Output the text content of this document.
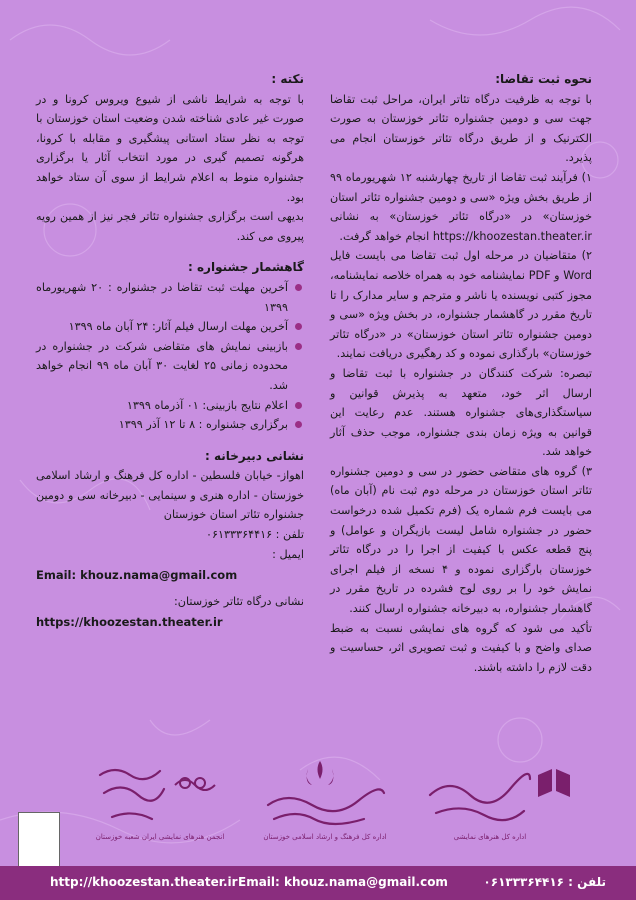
نحوه ثبت تقاضا:

با توجه به ظرفیت درگاه تئاتر ایران، مراحل ثبت تقاضا جهت سی و دومین جشنواره تئاتر خوزستان به صورت الکترنیک و از طریق درگاه تئاتر خوزستان انجام می پذیرد.

۱) فرآیند ثبت تقاضا از تاریخ چهارشنبه ۱۲ شهریورماه ۹۹ از طریق بخش ویژه «سی و دومین جشنواره تئاتر استان خوزستان» در «درگاه تئاتر خوزستان» به نشانی https://khoozestan.theater.ir انجام خواهد گرفت.

۲) متقاضیان در مرحله اول ثبت تقاضا می بایست فایل Word و PDF نمایشنامه خود به همراه خلاصه نمایشنامه، مجوز کتبی نویسنده یا ناشر و مترجم و سایر مدارک را تا تاریخ مقرر در گاهشمار جشنواره، در بخش ویژه «سی و دومین جشنواره تئاتر استان خوزستان» در «درگاه تئاتر خوزستان» بارگذاری نموده و کد رهگیری دریافت نمایند.

تبصره: شرکت کنندگان در جشنواره با ثبت تقاضا و ارسال اثر خود، متعهد به پذیرش قوانین و سیاستگذاری‌های جشنواره هستند. عدم رعایت این قوانین به ویژه زمان بندی جشنواره، موجب حذف آثار خواهد شد.

۳) گروه های متقاضی حضور در سی و دومین جشنواره تئاتر استان خوزستان در مرحله دوم ثبت نام (آبان ماه) می بایست فرم شماره یک (فرم تکمیل شده درخواست حضور در جشنواره شامل لیست بازیگران و عوامل) و پنج قطعه عکس با کیفیت از اجرا را در درگاه تئاتر خوزستان بارگزاری نموده و ۴ نسخه از فیلم اجرای نمایش خود را بر روی لوح فشرده در تاریخ مقرر در گاهشمار جشنواره، به دبیرخانه جشنواره ارسال کنند.

تأکید می شود که گروه های نمایشی نسبت به ضبط صدای واضح و با کیفیت و ثبت تصویری اثر، حساسیت و دقت لازم را داشته باشند.

نکته :

با توجه به شرایط ناشی از شیوع ویروس کرونا و در صورت غیر عادی شناخته شدن وضعیت استان خوزستان با توجه به نظر ستاد استانی پیشگیری و مقابله با کرونا، هرگونه تصمیم گیری در مورد انتخاب آثار یا برگزاری جشنواره منوط به اعلام شرایط از سوی آن ستاد خواهد بود.

بدیهی است برگزاری جشنواره تئاتر فجر نیز از همین رویه پیروی می کند.

گاهشمار جشنواره :

آخرین مهلت ثبت تقاضا در جشنواره : ۲۰ شهریورماه ۱۳۹۹
آخرین مهلت ارسال فیلم آثار: ۲۴ آبان ماه ۱۳۹۹
بازبینی نمایش های متقاضی شرکت در جشنواره در محدوده زمانی ۲۵ لغایت ۳۰ آبان ماه ۹۹ انجام خواهد شد.
اعلام نتایج بازبینی: ۰۱ آذرماه ۱۳۹۹
برگزاری جشنواره : ۸ تا ۱۲ آذر ۱۳۹۹

نشانی دبیرخانه :

اهواز- خیابان فلسطین - اداره کل فرهنگ و ارشاد اسلامی خوزستان - اداره هنری و سینمایی - دبیرخانه سی و دومین جشنواره تئاتر استان خوزستان

تلفن : ۰۶۱۳۳۳۶۴۴۱۶

ایمیل :

Email: khouz.nama@gmail.com

نشانی درگاه تئاتر خوزستان:

https://khoozestan.theater.ir

انجمن هنرهای نمایشی ایران شعبه خوزستان	اداره کل فرهنگ و ارشاد اسلامی خوزستان	اداره کل هنرهای نمایشی
http://khoozestan.theater.ir Email: khouz.nama@gmail.com	تلفن : ۰۶۱۳۳۳۶۴۴۱۶
